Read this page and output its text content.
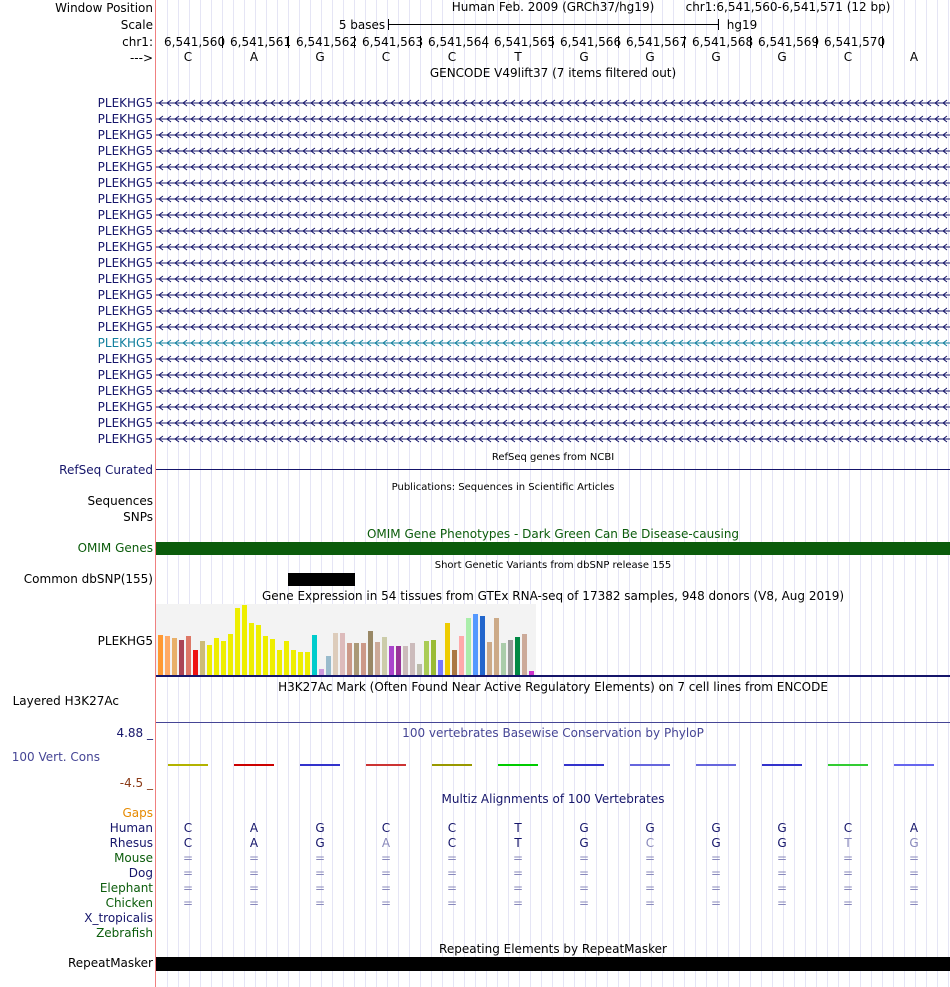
Window Position
Scale
chr1:
--->
PLEKHG5
PLEKHG5
PLEKHG5
PLEKHG5
PLEKHG5
PLEKHG5
PLEKHG5
PLEKHG5
PLEKHG5
PLEKHG5
PLEKHG5
PLEKHG5
PLEKHG5
PLEKHG5
PLEKHG5
PLEKHG5
PLEKHG5
PLEKHG5
PLEKHG5
PLEKHG5
PLEKHG5
PLEKHG5
RefSeq Curated
Sequences
SNPs
OMIM Genes
Common dbSNP(155)
PLEKHG5
Layered H3K27Ac
4.88 _
100 Vert. Cons
-4.5 _
Gaps
Human
Rhesus
Mouse
Dog
Elephant
Chicken
X_tropicalis
Zebrafish
RepeatMasker
Human Feb. 2009 (GRCh37/hg19)	chr1:6,541,560-6,541,571 (12 bp)
5 bases	hg19
6,541,560 6,541,561 6,541,562 6,541,563 6,541,564 6,541,565 6,541,566 6,541,567 6,541,568 6,541,569 6,541,570
C	A	G	C	C	T	G	G	G	G	C	A
GENCODE V49lift37 (7 items filtered out)
RefSeq genes from NCBI
Publications: Sequences in Scientific Articles
OMIM Gene Phenotypes - Dark Green Can Be Disease-causing
Short Genetic Variants from dbSNP release 155
Gene Expression in 54 tissues from GTEx RNA-seq of 17382 samples, 948 donors (V8, Aug 2019)
H3K27Ac Mark (Often Found Near Active Regulatory Elements) on 7 cell lines from ENCODE
100 vertebrates Basewise Conservation by PhyloP
Multiz Alignments of 100 Vertebrates
C	A	G	C	C	T	G	G	G	G	C	A
C	A	G	A	C	T	G	C	G	G	T	G
=	=	=	=	=	=	=	=	=	=	=	=
=	=	=	=	=	=	=	=	=	=	=	=
=	=	=	=	=	=	=	=	=	=	=	=
=	=	=	=	=	=	=	=	=	=	=	=
Repeating Elements by RepeatMasker
